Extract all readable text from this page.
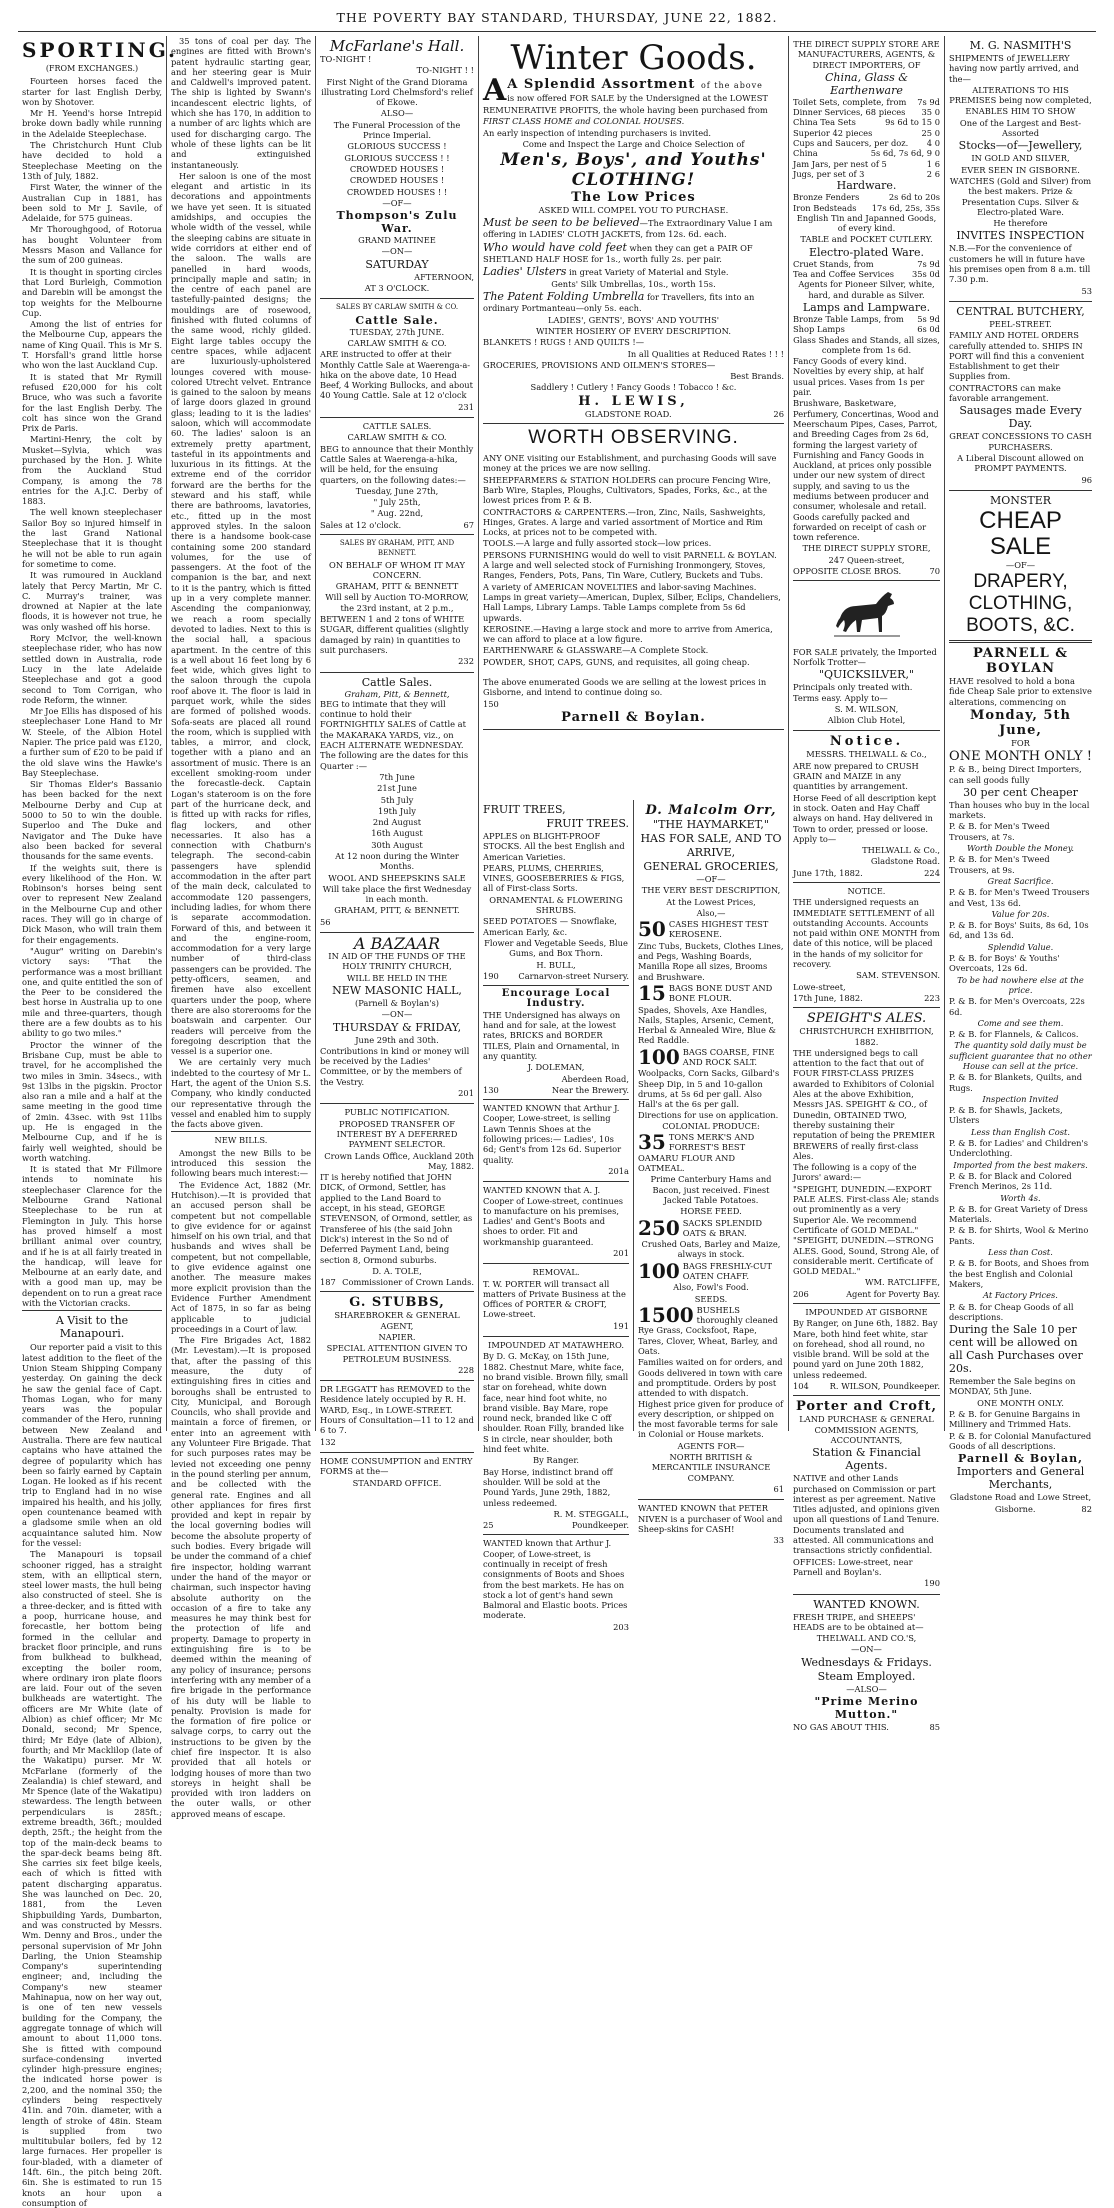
THE POVERTY BAY STANDARD, THURSDAY, JUNE 22, 1882.
SPORTING.
(FROM EXCHANGES.)

Fourteen horses faced the starter for last English Derby, won by Shotover.

Mr H. Yeend's horse Intrepid broke down badly while running in the Adelaide Steeplechase.

The Christchurch Hunt Club have decided to hold a Steeplechase Meeting on the 13th of July, 1882.

First Water, the winner of the Australian Cup in 1881, has been sold to Mr J. Savile, of Adelaide, for 575 guineas.

Mr Thoroughgood, of Rotorua has bought Volunteer from Messrs Mason and Vallance for the sum of 200 guineas.

It is thought in sporting circles that Lord Burleigh, Commotion and Darebin will be amongst the top weights for the Melbourne Cup.

Among the list of entries for the Melbourne Cup, appears the name of King Quail. This is Mr S. T. Horsfall's grand little horse who won the last Auckland Cup.

It is stated that Mr Rymill refused £20,000 for his colt Bruce, who was such a favorite for the last English Derby. The colt has since won the Grand Prix de Paris.

Martini-Henry, the colt by Musket—Sylvia, which was purchased by the Hon. J. White from the Auckland Stud Company, is among the 78 entries for the A.J.C. Derby of 1883.

The well known steeplechaser Sailor Boy so injured himself in the last Grand National Steeplechase that it is thought he will not be able to run again for sometime to come.

It was rumoured in Auckland lately that Percy Martin, Mr C. C. Murray's trainer, was drowned at Napier at the late floods, it is however not true, he was only washed off his horse.

Rory McIvor, the well-known steeplechase rider, who has now settled down in Australia, rode Lucy in the late Adelaide Steeplechase and got a good second to Tom Corrigan, who rode Reform, the winner.

Mr Joe Ellis has disposed of his steeplechaser Lone Hand to Mr W. Steele, of the Albion Hotel Napier. The price paid was £120, a further sum of £20 to be paid if the old slave wins the Hawke's Bay Steeplechase.

Sir Thomas Elder's Bassanio has been backed for the next Melbourne Derby and Cup at 5000 to 50 to win the double. Superloo and The Duke and Navigator and The Duke have also been backed for several thousands for the same events.

If the weights suit, there is every likelihood of the Hon. W. Robinson's horses being sent over to represent New Zealand in the Melbourne Cup and other races. They will go in charge of Dick Mason, who will train them for their engagements.

"Augur" writing on Darebin's victory says: "That the performance was a most brilliant one, and quite entitled the son of the Peer to be considered the best horse in Australia up to one mile and three-quarters, though there are a few doubts as to his ability to go two miles."

Proctor the winner of the Brisbane Cup, must be able to travel, for he accomplished the two miles in 3min. 34secs., with 9st 13lbs in the pigskin. Proctor also ran a mile and a half at the same meeting in the good time of 2min. 43sec. with 9st 11lbs up. He is engaged in the Melbourne Cup, and if he is fairly well weighted, should be worth watching.

It is stated that Mr Fillmore intends to nominate his steeplechaser Clarence for the Melbourne Grand National Steeplechase to be run at Flemington in July. This horse has proved himself a most brilliant animal over country, and if he is at all fairly treated in the handicap, will leave for Melbourne at an early date, and with a good man up, may be dependent on to run a great race with the Victorian cracks.

A Visit to the Manapouri.

Our reporter paid a visit to this latest addition to the fleet of the Union Steam Shipping Company yesterday. On gaining the deck he saw the genial face of Capt. Thomas Logan, who for many years was the popular commander of the Hero, running between New Zealand and Australia. There are few nautical captains who have attained the degree of popularity which has been so fairly earned by Captain Logan. He looked as if his recent trip to England had in no wise impaired his health, and his jolly, open countenance beamed with a gladsome smile when an old acquaintance saluted him. Now for the vessel:

The Manapouri is topsail schooner rigged, has a straight stem, with an elliptical stern, steel lower masts, the hull being also constructed of steel. She is a three-decker, and is fitted with a poop, hurricane house, and forecastle, her bottom being formed in the cellular and bracket floor principle, and runs from bulkhead to bulkhead, excepting the boiler room, where ordinary iron plate floors are laid. Four out of the seven bulkheads are watertight. The officers are Mr White (late of Albion) as chief officer; Mr Mc Donald, second; Mr Spence, third; Mr Edye (late of Albion), fourth; and Mr Macklilop (late of the Wakatipu) purser. Mr W. McFarlane (formerly of the Zealandia) is chief steward, and Mr Spence (late of the Wakatipu) stewardess. The length between perpendiculars is 285ft.; extreme breadth, 36ft.; moulded depth, 25ft.; the height from the top of the main-deck beams to the spar-deck beams being 8ft. She carries six feet bilge keels, each of which is fitted with patent discharging apparatus. She was launched on Dec. 20, 1881, from the Leven Shipbuilding Yards, Dumbarton, and was constructed by Messrs. Wm. Denny and Bros., under the personal supervision of Mr John Darling, the Union Steamship Company's superintending engineer; and, including the Company's new steamer Mahinapua, now on her way out, is one of ten new vessels building for the Company, the aggregate tonnage of which will amount to about 11,000 tons. She is fitted with compound surface-condensing inverted cylinder high-pressure engines; the indicated horse power is 2,200, and the nominal 350; the cylinders being respectively 41in. and 70in. diameter, with a length of stroke of 48in. Steam is supplied from two multitubular boilers, fed by 12 large furnaces. Her propeller is four-bladed, with a diameter of 14ft. 6in., the pitch being 20ft. 6in. She is estimated to run 15 knots an hour upon a consumption of

35 tons of coal per day. The engines are fitted with Brown's patent hydraulic starting gear, and her steering gear is Muir and Caldwell's improved patent. The ship is lighted by Swann's incandescent electric lights, of which she has 170, in addition to a number of arc lights which are used for discharging cargo. The whole of these lights can be lit and extinguished instantaneously.

Her saloon is one of the most elegant and artistic in its decorations and appointments we have yet seen. It is situated amidships, and occupies the whole width of the vessel, while the sleeping cabins are situate in wide corridors at either end of the saloon. The walls are panelled in hard woods, principally maple and satin; in the centre of each panel are tastefully-painted designs; the mouldings are of rosewood, finished with fluted columns of the same wood, richly gilded. Eight large tables occupy the centre spaces, while adjacent are luxuriously-upholstered lounges covered with mouse-colored Utrecht velvet. Entrance is gained to the saloon by means of large doors glazed in ground glass; leading to it is the ladies' saloon, which will accommodate 60. The ladies' saloon is an extremely pretty apartment, tasteful in its appointments and luxurious in its fittings. At the extreme end of the corridor forward are the berths for the steward and his staff, while there are bathrooms, lavatories, etc., fitted up in the most approved styles. In the saloon there is a handsome book-case containing some 200 standard volumes, for the use of passengers. At the foot of the companion is the bar, and next to it is the pantry, which is fitted up in a very complete manner. Ascending the companionway, we reach a room specially devoted to ladies. Next to this is the social hall, a spacious apartment. In the centre of this is a well about 16 feet long by 6 feet wide, which gives light to the saloon through the cupola roof above it. The floor is laid in parquet work, while the sides are formed of polished woods. Sofa-seats are placed all round the room, which is supplied with tables, a mirror, and clock, together with a piano and an assortment of music. There is an excellent smoking-room under the forecastle-deck. Captain Logan's stateroom is on the fore part of the hurricane deck, and is fitted up with racks for rifles, flag lockers, and other necessaries. It also has a connection with Chatburn's telegraph. The second-cabin passengers have splendid accommodation in the after part of the main deck, calculated to accommodate 120 passengers, including ladies, for whom there is separate accommodation. Forward of this, and between it and the engine-room, accommodation for a very large number of third-class passengers can be provided. The petty-officers, seamen, and firemen have also excellent quarters under the poop, where there are also storerooms for the boatswain and carpenter. Our readers will perceive from the foregoing description that the vessel is a superior one.

We are certainly very much indebted to the courtesy of Mr L. Hart, the agent of the Union S.S. Company, who kindly conducted our representative through the vessel and enabled him to supply the facts above given.

NEW BILLS.

Amongst the new Bills to be introduced this session the following bears much interest:—

The Evidence Act, 1882 (Mr. Hutchison).—It is provided that an accused person shall be competent but not compellable to give evidence for or against himself on his own trial, and that husbands and wives shall be competent, but not compellable, to give evidence against one another. The measure makes more explicit provision than the Evidence Further Amendment Act of 1875, in so far as being applicable to judicial proceedings in a Court of law.

The Fire Brigades Act, 1882 (Mr. Levestam).—It is proposed that, after the passing of this measure, the duty of extinguishing fires in cities and boroughs shall be entrusted to City, Municipal, and Borough Councils, who shall provide and maintain a force of firemen, or enter into an agreement with any Volunteer Fire Brigade. That for such purposes rates may be levied not exceeding one penny in the pound sterling per annum, and be collected with the general rate. Engines and all other appliances for fires first provided and kept in repair by the local governing bodies will become the absolute property of such bodies. Every brigade will be under the command of a chief fire inspector, holding warrant under the hand of the mayor or chairman, such inspector having absolute authority on the occasion of a fire to take any measures he may think best for the protection of life and property. Damage to property in extinguishing fire is to be deemed within the meaning of any policy of insurance; persons interfering with any member of a fire brigade in the performance of his duty will be liable to penalty. Provision is made for the formation of fire police or salvage corps, to carry out the instructions to be given by the chief fire inspector. It is also provided that all hotels or lodging houses of more than two storeys in height shall be provided with iron ladders on the outer walls, or other approved means of escape.

McFarlane's Hall.

TO-NIGHT !

TO-NIGHT ! !

First Night of the Grand Diorama illustrating Lord Chelmsford's relief of Ekowe.

ALSO—

The Funeral Procession of the Prince Imperial.

GLORIOUS SUCCESS !

GLORIOUS SUCCESS ! !

CROWDED HOUSES !

CROWDED HOUSES !

CROWDED HOUSES ! !

—OF—

Thompson's Zulu War.

GRAND MATINEE

—ON—

SATURDAY

AFTERNOON,

AT 3 O'CLOCK.

SALES BY CARLAW SMITH & CO.

Cattle Sale.

TUESDAY, 27th JUNE.

CARLAW SMITH & CO.

ARE instructed to offer at their Monthly Cattle Sale at Waerenga-a-hika on the above date, 10 Head Beef, 4 Working Bullocks, and about 40 Young Cattle. Sale at 12 o'clock

231

CATTLE SALES.

CARLAW SMITH & CO.

BEG to announce that their Monthly Cattle Sales at Waerenga-a-hika, will be held, for the ensuing quarters, on the following dates:—

Tuesday, June 27th,

" July 25th,

" Aug. 22nd,

Sales at 12 o'clock.	67

SALES BY GRAHAM, PITT, AND BENNETT.

ON BEHALF OF WHOM IT MAY CONCERN.

GRAHAM, PITT & BENNETT

Will sell by Auction TO-MORROW, the 23rd instant, at 2 p.m.,

BETWEEN 1 and 2 tons of WHITE SUGAR, different qualities (slightly damaged by rain) in quantities to suit purchasers.

232

Cattle Sales.
Graham, Pitt, & Bennett,

BEG to intimate that they will continue to hold their FORTNIGHTLY SALES of Cattle at the MAKARAKA YARDS, viz., on EACH ALTERNATE WEDNESDAY. The following are the dates for this Quarter :—

7th June

21st June

5th July

19th July

2nd August

16th August

30th August

At 12 noon during the Winter Months.

WOOL AND SHEEPSKINS SALE

Will take place the first Wednesday in each month.

GRAHAM, PITT, & BENNETT.

56

A BAZAAR

IN AID OF THE FUNDS OF THE HOLY TRINITY CHURCH,

WILL BE HELD IN THE

NEW MASONIC HALL,

(Parnell & Boylan's)

—ON—

THURSDAY & FRIDAY,

June 29th and 30th.

Contributions in kind or money will be received by the Ladies' Committee, or by the members of the Vestry.

201

PUBLIC NOTIFICATION.

PROPOSED TRANSFER OF INTEREST BY A DEFERRED PAYMENT SELECTOR.

Crown Lands Office, Auckland 20th May, 1882.

IT is hereby notified that JOHN DICK, of Ormond, Settler, has applied to the Land Board to accept, in his stead, GEORGE STEVENSON, of Ormond, settler, as Transferee of his (the said John Dick's) interest in the So nd of Deferred Payment Land, being section 8, Ormond suburbs.

D. A. TOLE,

187 Commissioner of Crown Lands.
G. STUBBS,

SHAREBROKER & GENERAL AGENT,

NAPIER.

SPECIAL ATTENTION GIVEN TO PETROLEUM BUSINESS.

228

DR LEGGATT has REMOVED to the Residence lately occupied by R. H. WARD, Esq., in LOWE-STREET. Hours of Consultation—11 to 12 and 6 to 7.

132

HOME CONSUMPTION and ENTRY FORMS at the—

STANDARD OFFICE.

Winter Goods.
A A Splendid Assortment of the above

is now offered FOR SALE by the Undersigned at the LOWEST

REMUNERATIVE PROFITS, the whole having been purchased from

FIRST CLASS HOME and COLONIAL HOUSES.

An early inspection of intending purchasers is invited.

Come and Inspect the Large and Choice Selection of

Men's, Boys', and Youths' CLOTHING!
The Low Prices

ASKED WILL COMPEL YOU TO PURCHASE.

Must be seen to be believed—The Extraordinary Value I am offering in LADIES' CLOTH JACKETS, from 12s. 6d. each.

Who would have cold feet when they can get a PAIR OF SHETLAND HALF HOSE for 1s., worth fully 2s. per pair.

Ladies' Ulsters in great Variety of Material and Style.

Gents' Silk Umbrellas, 10s., worth 15s.

The Patent Folding Umbrella for Travellers, fits into an ordinary Portmanteau—only 5s. each.

LADIES', GENTS', BOYS' AND YOUTHS'

WINTER HOSIERY OF EVERY DESCRIPTION.

BLANKETS ! RUGS ! AND QUILTS !—

In all Qualities at Reduced Rates ! ! !

GROCERIES, PROVISIONS AND OILMEN'S STORES—

Best Brands.

Saddlery ! Cutlery ! Fancy Goods ! Tobacco ! &c.

H. LEWIS,
GLADSTONE ROAD.	26
WORTH OBSERVING.

ANY ONE visiting our Establishment, and purchasing Goods will save money at the prices we are now selling.

SHEEPFARMERS & STATION HOLDERS can procure Fencing Wire, Barb Wire, Staples, Ploughs, Cultivators, Spades, Forks, &c., at the lowest prices from P. & B.

CONTRACTORS & CARPENTERS.—Iron, Zinc, Nails, Sashweights, Hinges, Grates. A large and varied assortment of Mortice and Rim Locks, at prices not to be competed with.

TOOLS.—A large and fully assorted stock—low prices.

PERSONS FURNISHING would do well to visit PARNELL & BOYLAN. A large and well selected stock of Furnishing Ironmongery, Stoves, Ranges, Fenders, Pots, Pans, Tin Ware, Cutlery, Buckets and Tubs.

A variety of AMERICAN NOVELTIES and labor-saving Machines. Lamps in great variety—American, Duplex, Silber, Eclips, Chandeliers, Hall Lamps, Library Lamps. Table Lamps complete from 5s 6d upwards.

KEROSINE.—Having a large stock and more to arrive from America, we can afford to place at a low figure.

EARTHENWARE & GLASSWARE—A Complete Stock.

POWDER, SHOT, CAPS, GUNS, and requisites, all going cheap.

The above enumerated Goods we are selling at the lowest prices in Gisborne, and intend to continue doing so.

150

Parnell & Boylan.

FRUIT TREES,

FRUIT TREES.

APPLES on BLIGHT-PROOF STOCKS. All the best English and American Varieties.

PEARS, PLUMS, CHERRIES, VINES, GOOSEBERRIES & FIGS, all of First-class Sorts.

ORNAMENTAL & FLOWERING SHRUBS.

SEED POTATOES — Snowflake, American Early, &c.

Flower and Vegetable Seeds, Blue Gums, and Box Thorn.

H. BULL,

190 Carnarvon-street Nursery.
Encourage Local Industry.

THE Undersigned has always on hand and for sale, at the lowest rates, BRICKS and BORDER TILES, Plain and Ornamental, in any quantity.

J. DOLEMAN,

Aberdeen Road,

130	Near the Brewery.

WANTED KNOWN that Arthur J. Cooper, Lowe-street, is selling Lawn Tennis Shoes at the following prices:— Ladies', 10s 6d; Gent's from 12s 6d. Superior quality.

201a

WANTED KNOWN that A. J. Cooper of Lowe-street, continues to manufacture on his premises, Ladies' and Gent's Boots and shoes to order. Fit and workmanship guaranteed.

201

REMOVAL.

T. W. PORTER will transact all matters of Private Business at the Offices of PORTER & CROFT, Lowe-street.

191

IMPOUNDED AT MATAWHERO.

By D. G. McKay, on 15th June, 1882. Chestnut Mare, white face, no brand visible. Brown filly, small star on forehead, white down face, near hind foot white, no brand visible. Bay Mare, rope round neck, branded like C off shoulder. Roan Filly, branded like S in circle, near shoulder, both hind feet white.

By Ranger.

Bay Horse, indistinct brand off shoulder. Will be sold at the Pound Yards, June 29th, 1882, unless redeemed.

R. M. STEGGALL,

25	Poundkeeper.

WANTED known that Arthur J. Cooper, of Lowe-street, is continually in receipt of fresh consignments of Boots and Shoes from the best markets. He has on stock a lot of gent's hand sewn Balmoral and Elastic boots. Prices moderate.

203

D. Malcolm Orr,

"THE HAYMARKET,"

HAS FOR SALE, AND TO

ARRIVE,

GENERAL GROCERIES,

—OF—

THE VERY BEST DESCRIPTION,

At the Lowest Prices,

Also,—

50 CASES HIGHEST TEST KEROSENE.

Zinc Tubs, Buckets, Clothes Lines, and Pegs, Washing Boards, Manilla Rope all sizes, Brooms and Brushware.

15 BAGS BONE DUST AND BONE FLOUR.

Spades, Shovels, Axe Handles, Nails, Staples, Arsenic, Cement, Herbal & Annealed Wire, Blue & Red Raddle.

100 BAGS COARSE, FINE AND ROCK SALT.

Woolpacks, Corn Sacks, Gilbard's Sheep Dip, in 5 and 10-gallon drums, at 5s 6d per gall. Also Hall's at the 6s per gall. Directions for use on application.

COLONIAL PRODUCE:

35 TONS MERK'S AND FORREST'S BEST OAMARU FLOUR AND OATMEAL.

Prime Canterbury Hams and Bacon, just received. Finest Jacked Table Potatoes.

HORSE FEED.

250 SACKS SPLENDID OATS & BRAN.

Crushed Oats, Barley and Maize, always in stock.

100 BAGS FRESHLY-CUT OATEN CHAFF.

Also, Fowl's Food.

SEEDS.

1500 BUSHELS thoroughly cleaned Rye Grass, Cocksfoot, Rape, Tares, Clover, Wheat, Barley, and Oats.

Families waited on for orders, and Goods delivered in town with care and promptitude. Orders by post attended to with dispatch. Highest price given for produce of every description, or shipped on the most favorable terms for sale in Colonial or House markets.

AGENTS FOR—

NORTH BRITISH & MERCANTILE INSURANCE COMPANY.

61

WANTED KNOWN that PETER NIVEN is a purchaser of Wool and Sheep-skins for CASH!

33

THE DIRECT SUPPLY STORE ARE MANUFACTURERS, AGENTS, & DIRECT IMPORTERS, OF

China, Glass & Earthenware
Toilet Sets, complete, from 7s 9d
Dinner Services, 68 pieces 35 0
China Tea Sets	9s 6d to 15 0
Superior 42 pieces	25 0
Cups and Saucers, per doz. 4 0
China	5s 6d, 7s 6d, 9 0
Jam Jars, per nest of 5	1 6
Jugs, per set of 3	2 6
Hardware.
Bronze Fenders	2s 6d to 20s
Iron Bedsteads 17s 6d, 25s, 35s

English Tin and Japanned Goods, of every kind.

TABLE and POCKET CUTLERY.

Electro-plated Ware.
Cruet Stands, from	7s 9d
Tea and Coffee Services 35s 0d

Agents for Pioneer Silver, white, hard, and durable as Silver.

Lamps and Lampware.
Bronze Table Lamps, from 5s 9d
Shop Lamps	6s 0d

Glass Shades and Stands, all sizes, complete from 1s 6d.

Fancy Goods of every kind. Novelties by every ship, at half usual prices. Vases from 1s per pair.

Brushware, Basketware, Perfumery, Concertinas, Wood and Meerschaum Pipes, Cases, Parrot, and Breeding Cages from 2s 6d, forming the largest variety of Furnishing and Fancy Goods in Auckland, at prices only possible under our new system of direct supply, and saving to us the mediums between producer and consumer, wholesale and retail. Goods carefully packed and forwarded on receipt of cash or town reference.

THE DIRECT SUPPLY STORE,

247 Queen-street,

OPPOSITE CLOSE BROS.	70

FOR SALE privately, the Imported Norfolk Trotter—

"QUICKSILVER,"

Principals only treated with. Terms easy. Apply to—

S. M. WILSON,

Albion Club Hotel,

Notice.

MESSRS. THELWALL & Co.,

ARE now prepared to CRUSH GRAIN and MAIZE in any quantities by arrangement.

Horse Feed of all description kept in stock. Oaten and Hay Chaff always on hand. Hay delivered in Town to order, pressed or loose. Apply to—

THELWALL & Co.,

Gladstone Road.

June 17th, 1882.	224

NOTICE.

THE undersigned requests an IMMEDIATE SETTLEMENT of all outstanding Accounts. Accounts not paid within ONE MONTH from date of this notice, will be placed in the hands of my solicitor for recovery.

SAM. STEVENSON.

Lowe-street,

17th June, 1882.	223
SPEIGHT'S ALES.

CHRISTCHURCH EXHIBITION, 1882.

THE undersigned begs to call attention to the fact that out of FOUR FIRST-CLASS PRIZES awarded to Exhibitors of Colonial Ales at the above Exhibition, Messrs JAS. SPEIGHT & CO., of Dunedin, OBTAINED TWO, thereby sustaining their reputation of being the PREMIER BREWERS of really first-class Ales.

The following is a copy of the Jurors' award:—

"SPEIGHT, DUNEDIN.—EXPORT PALE ALES. First-class Ale; stands out prominently as a very Superior Ale. We recommend Certificate of GOLD MEDAL." "SPEIGHT, DUNEDIN.—STRONG ALES. Good, Sound, Strong Ale, of considerable merit. Certificate of GOLD MEDAL."

WM. RATCLIFFE,

206	Agent for Poverty Bay.

IMPOUNDED AT GISBORNE

By Ranger, on June 6th, 1882. Bay Mare, both hind feet white, star on forehead, shod all round, no visible brand. Will be sold at the pound yard on June 20th 1882, unless redeemed.

104	R. WILSON, Poundkeeper.
Porter and Croft,

LAND PURCHASE & GENERAL COMMISSION AGENTS, ACCOUNTANTS,

Station & Financial Agents.

NATIVE and other Lands purchased on Commission or part interest as per agreement. Native Titles adjusted, and opinions given upon all questions of Land Tenure. Documents translated and attested. All communications and transactions strictly confidential.

OFFICES: Lowe-street, near Parnell and Boylan's.

190

WANTED KNOWN.

FRESH TRIPE, and SHEEPS' HEADS are to be obtained at—

THELWALL AND CO.'S,

—ON—

Wednesdays & Fridays.

Steam Employed.

—ALSO—

"Prime Merino Mutton."

NO GAS ABOUT THIS.	85

M. G. NASMITH'S

SHIPMENTS of JEWELLERY having now partly arrived, and the—

ALTERATIONS TO HIS PREMISES being now completed,

ENABLES HIM TO SHOW

One of the Largest and Best-Assorted

Stocks—of—Jewellery,

IN GOLD AND SILVER,

EVER SEEN IN GISBORNE.

WATCHES (Gold and Silver) from the best makers. Prize & Presentation Cups. Silver & Electro-plated Ware.

He therefore

INVITES INSPECTION

N.B.—For the convenience of customers he will in future have his premises open from 8 a.m. till 7.30 p.m.

53

CENTRAL BUTCHERY,

PEEL-STREET.

FAMILY AND HOTEL ORDERS carefully attended to. SHIPS IN PORT will find this a convenient Establishment to get their Supplies from.

CONTRACTORS can make favorable arrangement.

Sausages made Every Day.

GREAT CONCESSIONS TO CASH PURCHASERS.

A Liberal Discount allowed on PROMPT PAYMENTS.

96

MONSTER

CHEAP SALE

—OF—

DRAPERY,
CLOTHING,
BOOTS, &C.
PARNELL & BOYLAN

HAVE resolved to hold a bona fide Cheap Sale prior to extensive alterations, commencing on

Monday, 5th June,

FOR

ONE MONTH ONLY !

P. & B., being Direct Importers, can sell goods fully

30 per cent Cheaper

Than houses who buy in the local markets.

P. & B. for Men's Tweed Trousers, at 7s.

Worth Double the Money.

P. & B. for Men's Tweed Trousers, at 9s.

Great Sacrifice.

P. & B. for Men's Tweed Trousers and Vest, 13s 6d.

Value for 20s.

P. & B. for Boys' Suits, 8s 6d, 10s 6d, and 13s 6d.

Splendid Value.

P. & B. for Boys' & Youths' Overcoats, 12s 6d.

To be had nowhere else at the price.

P. & B. for Men's Overcoats, 22s 6d.

Come and see them.

P. & B. for Flannels, & Calicos.

The quantity sold daily must be sufficient guarantee that no other House can sell at the price.

P. & B. for Blankets, Quilts, and Rugs.

Inspection Invited

P. & B. for Shawls, Jackets, Ulsters

Less than English Cost.

P. & B. for Ladies' and Children's Underclothing.

Imported from the best makers.

P. & B. for Black and Colored French Merinos, 2s 11d.

Worth 4s.

P. & B. for Great Variety of Dress Materials.

P. & B. for Shirts, Wool & Merino Pants.

Less than Cost.

P. & B. for Boots, and Shoes from the best English and Colonial Makers,

At Factory Prices.

P. & B. for Cheap Goods of all descriptions.

During the Sale 10 per cent will be allowed on all Cash Purchases over 20s.

Remember the Sale begins on MONDAY, 5th June.

ONE MONTH ONLY.

P. & B. for Genuine Bargains in Millinery and Trimmed Hats.

P. & B. for Colonial Manufactured Goods of all descriptions.

Parnell & Boylan,

Importers and General Merchants,

Gladstone Road and Lowe Street,

Gisborne.	82
